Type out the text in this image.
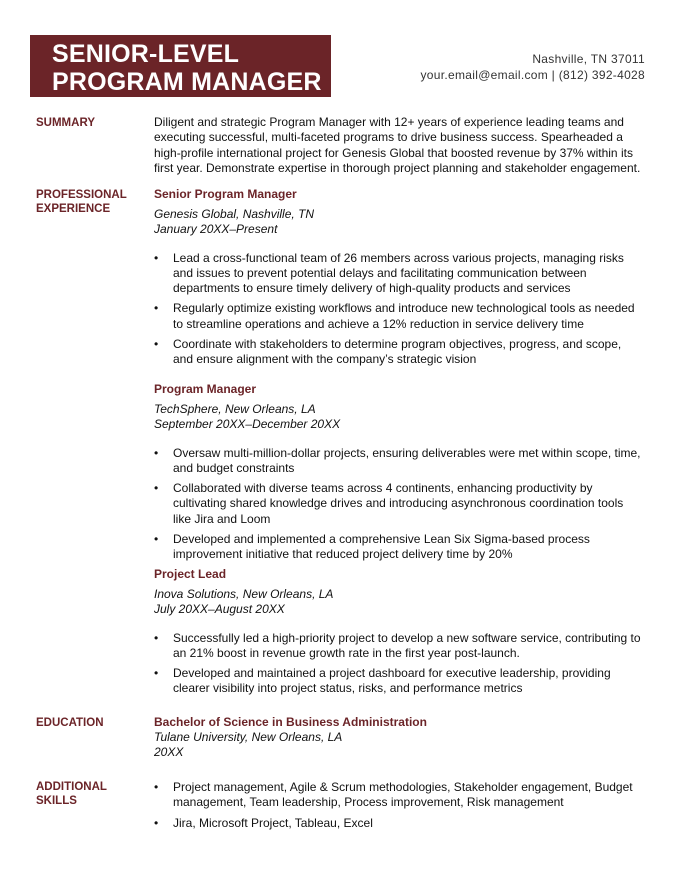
SENIOR-LEVEL
PROGRAM MANAGER
Nashville, TN 37011
your.email@email.com | (812) 392-4028
SUMMARY	Diligent and strategic Program Manager with 12+ years of experience leading teams and executing successful, multi-faceted programs to drive business success. Spearheaded a high-profile international project for Genesis Global that boosted revenue by 37% within its first year. Demonstrate expertise in thorough project planning and stakeholder engagement.
PROFESSIONAL
EXPERIENCE
Senior Program Manager
Genesis Global, Nashville, TN
January 20XX–Present
• Lead a cross-functional team of 26 members across various projects, managing risks and issues to prevent potential delays and facilitating communication between departments to ensure timely delivery of high-quality products and services
• Regularly optimize existing workflows and introduce new technological tools as needed to streamline operations and achieve a 12% reduction in service delivery time
• Coordinate with stakeholders to determine program objectives, progress, and scope, and ensure alignment with the company’s strategic vision
Program Manager
TechSphere, New Orleans, LA
September 20XX–December 20XX
• Oversaw multi-million-dollar projects, ensuring deliverables were met within scope, time, and budget constraints
• Collaborated with diverse teams across 4 continents, enhancing productivity by cultivating shared knowledge drives and introducing asynchronous coordination tools like Jira and Loom
• Developed and implemented a comprehensive Lean Six Sigma-based process improvement initiative that reduced project delivery time by 20%
Project Lead
Inova Solutions, New Orleans, LA
July 20XX–August 20XX
• Successfully led a high-priority project to develop a new software service, contributing to an 21% boost in revenue growth rate in the first year post-launch.
• Developed and maintained a project dashboard for executive leadership, providing clearer visibility into project status, risks, and performance metrics
EDUCATION	Bachelor of Science in Business Administration
Tulane University, New Orleans, LA
20XX
ADDITIONAL
SKILLS
• Project management, Agile & Scrum methodologies, Stakeholder engagement, Budget management, Team leadership, Process improvement, Risk management
• Jira, Microsoft Project, Tableau, Excel
